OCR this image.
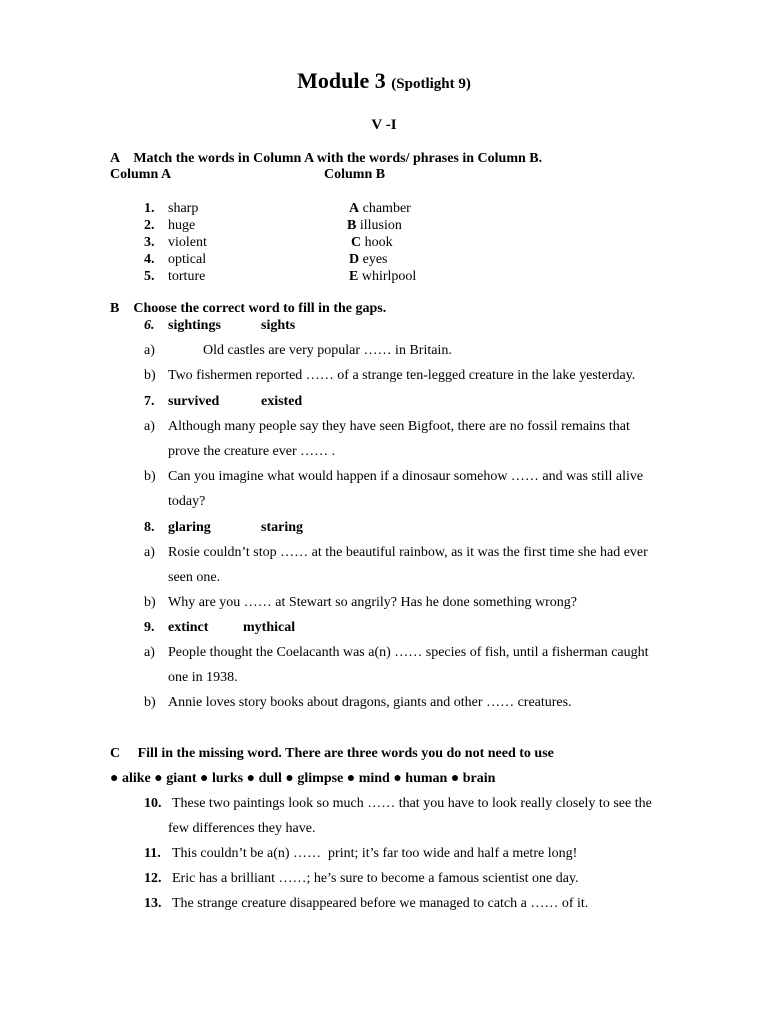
Module 3 (Spotlight 9)
V -I
A    Match the words in Column A with the words/ phrases in Column B.
Column A	Column B
1. sharp	A chamber
2. huge	B illusion
3. violent	C hook
4. optical	D eyes
5. torture	E whirlpool
B    Choose the correct word to fill in the gaps.
6. sightings	sights
a) Old castles are very popular …… in Britain.
b) Two fishermen reported …… of a strange ten-legged creature in the lake yesterday.
7. survived	existed
a) Although many people say they have seen Bigfoot, there are no fossil remains that
prove the creature ever …… .
b) Can you imagine what would happen if a dinosaur somehow …… and was still alive
today?
8. glaring	staring
a) Rosie couldn’t stop …… at the beautiful rainbow, as it was the first time she had ever
seen one.
b) Why are you …… at Stewart so angrily? Has he done something wrong?
9. extinct mythical
a) People thought the Coelacanth was a(n) …… species of fish, until a fisherman caught
one in 1938.
b) Annie loves story books about dragons, giants and other …… creatures.
C     Fill in the missing word. There are three words you do not need to use
● alike ● giant ● lurks ● dull ● glimpse ● mind ● human ● brain
10. These two paintings look so much …… that you have to look really closely to see the
few differences they have.
11. This couldn’t be a(n) ……  print; it’s far too wide and half a metre long!
12. Eric has a brilliant ……; he’s sure to become a famous scientist one day.
13. The strange creature disappeared before we managed to catch a …… of it.
